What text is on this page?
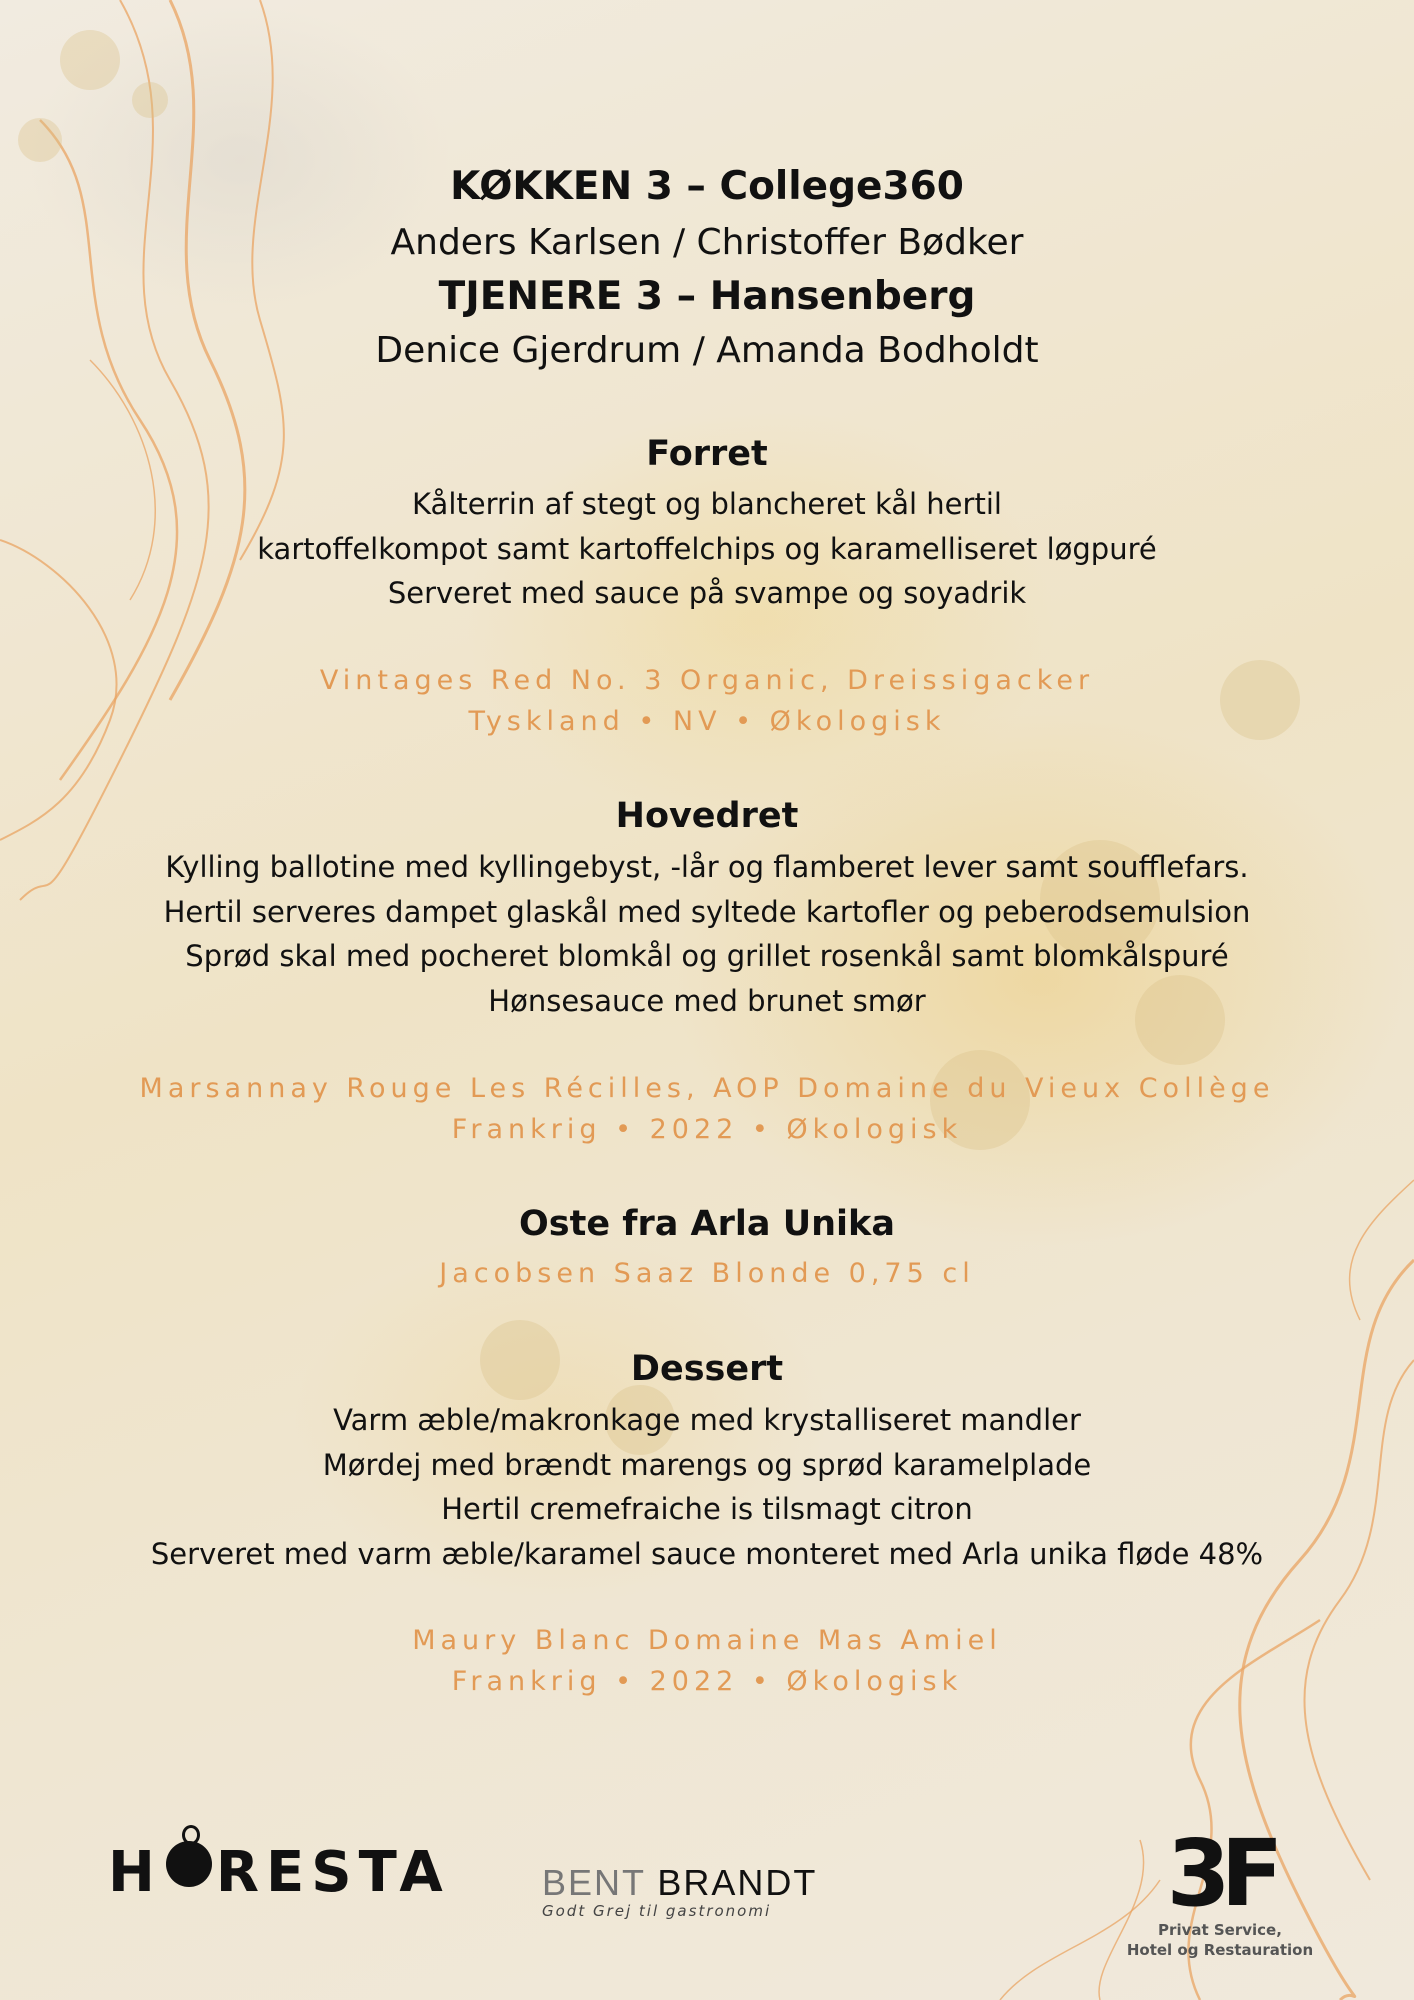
KØKKEN 3 – College360
Anders Karlsen / Christoffer Bødker
TJENERE 3 – Hansenberg
Denice Gjerdrum / Amanda Bodholdt
Forret
Kålterrin af stegt og blancheret kål hertil
kartoffelkompot samt kartoffelchips og karamelliseret løgpuré
Serveret med sauce på svampe og soyadrik
Vintages Red No. 3 Organic, Dreissigacker
Tyskland • NV • Økologisk
Hovedret
Kylling ballotine med kyllingebyst, -lår og flamberet lever samt soufflefars.
Hertil serveres dampet glaskål med syltede kartofler og peberodsemulsion
Sprød skal med pocheret blomkål og grillet rosenkål samt blomkålspuré
Hønsesauce med brunet smør
Marsannay Rouge Les Récilles, AOP Domaine du Vieux Collège
Frankrig • 2022 • Økologisk
Oste fra Arla Unika
Jacobsen Saaz Blonde 0,75 cl
Dessert
Varm æble/makronkage med krystalliseret mandler
Mørdej med brændt marengs og sprød karamelplade
Hertil cremefraiche is tilsmagt citron
Serveret med varm æble/karamel sauce monteret med Arla unika fløde 48%
Maury Blanc Domaine Mas Amiel
Frankrig • 2022 • Økologisk
H RESTA	BENT BRANDT
Godt Grej til gastronomi	3F
Privat Service,
Hotel og Restauration
